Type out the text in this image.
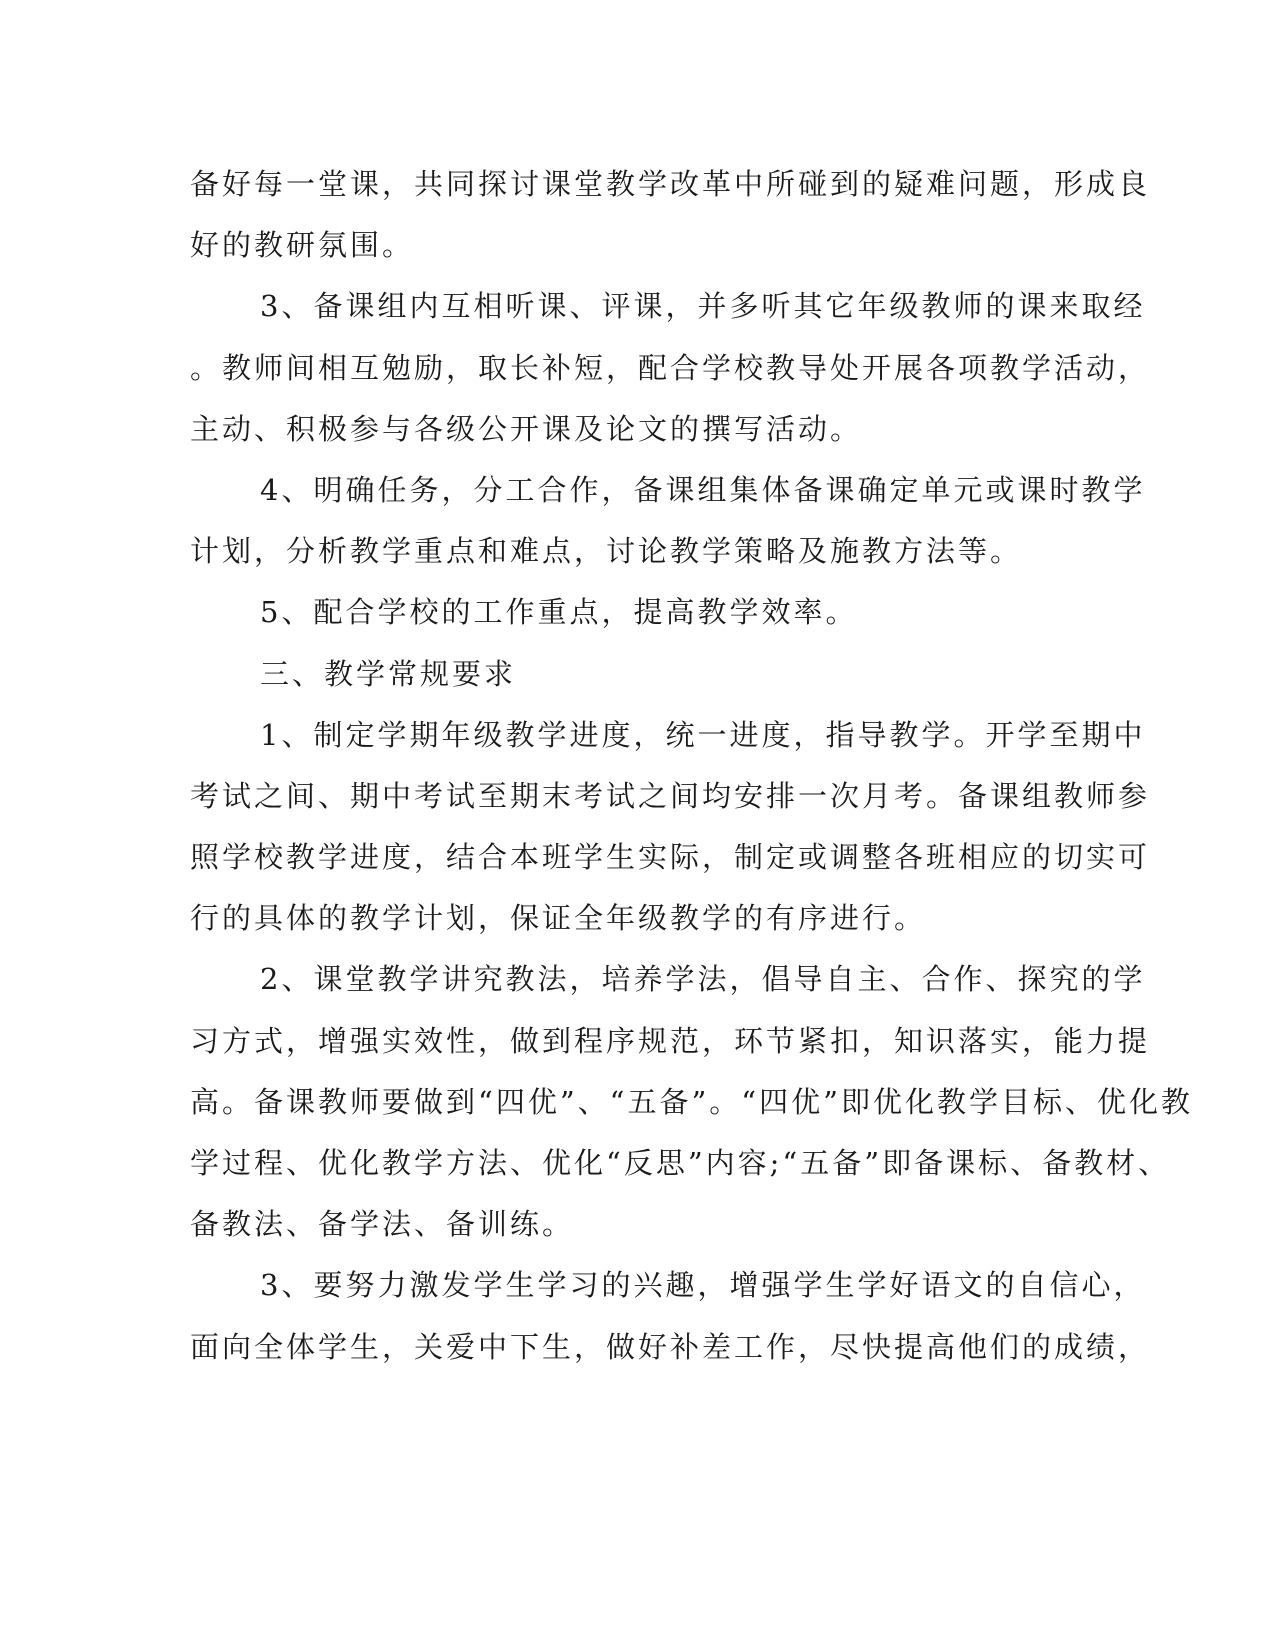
备好每一堂课，共同探讨课堂教学改革中所碰到的疑难问题，形成良
好的教研氛围。
3、备课组内互相听课、评课，并多听其它年级教师的课来取经
。教师间相互勉励，取长补短，配合学校教导处开展各项教学活动，
主动、积极参与各级公开课及论文的撰写活动。
4、明确任务，分工合作，备课组集体备课确定单元或课时教学
计划，分析教学重点和难点，讨论教学策略及施教方法等。
5、配合学校的工作重点，提高教学效率。
三、教学常规要求
1、制定学期年级教学进度，统一进度，指导教学。开学至期中
考试之间、期中考试至期末考试之间均安排一次月考。备课组教师参
照学校教学进度，结合本班学生实际，制定或调整各班相应的切实可
行的具体的教学计划，保证全年级教学的有序进行。
2、课堂教学讲究教法，培养学法，倡导自主、合作、探究的学
习方式，增强实效性，做到程序规范，环节紧扣，知识落实，能力提
高。备课教师要做到“四优”、“五备”。“四优”即优化教学目标、优化教
学过程、优化教学方法、优化“反思”内容;“五备”即备课标、备教材、
备教法、备学法、备训练。
3、要努力激发学生学习的兴趣，增强学生学好语文的自信心，
面向全体学生，关爱中下生，做好补差工作，尽快提高他们的成绩，
